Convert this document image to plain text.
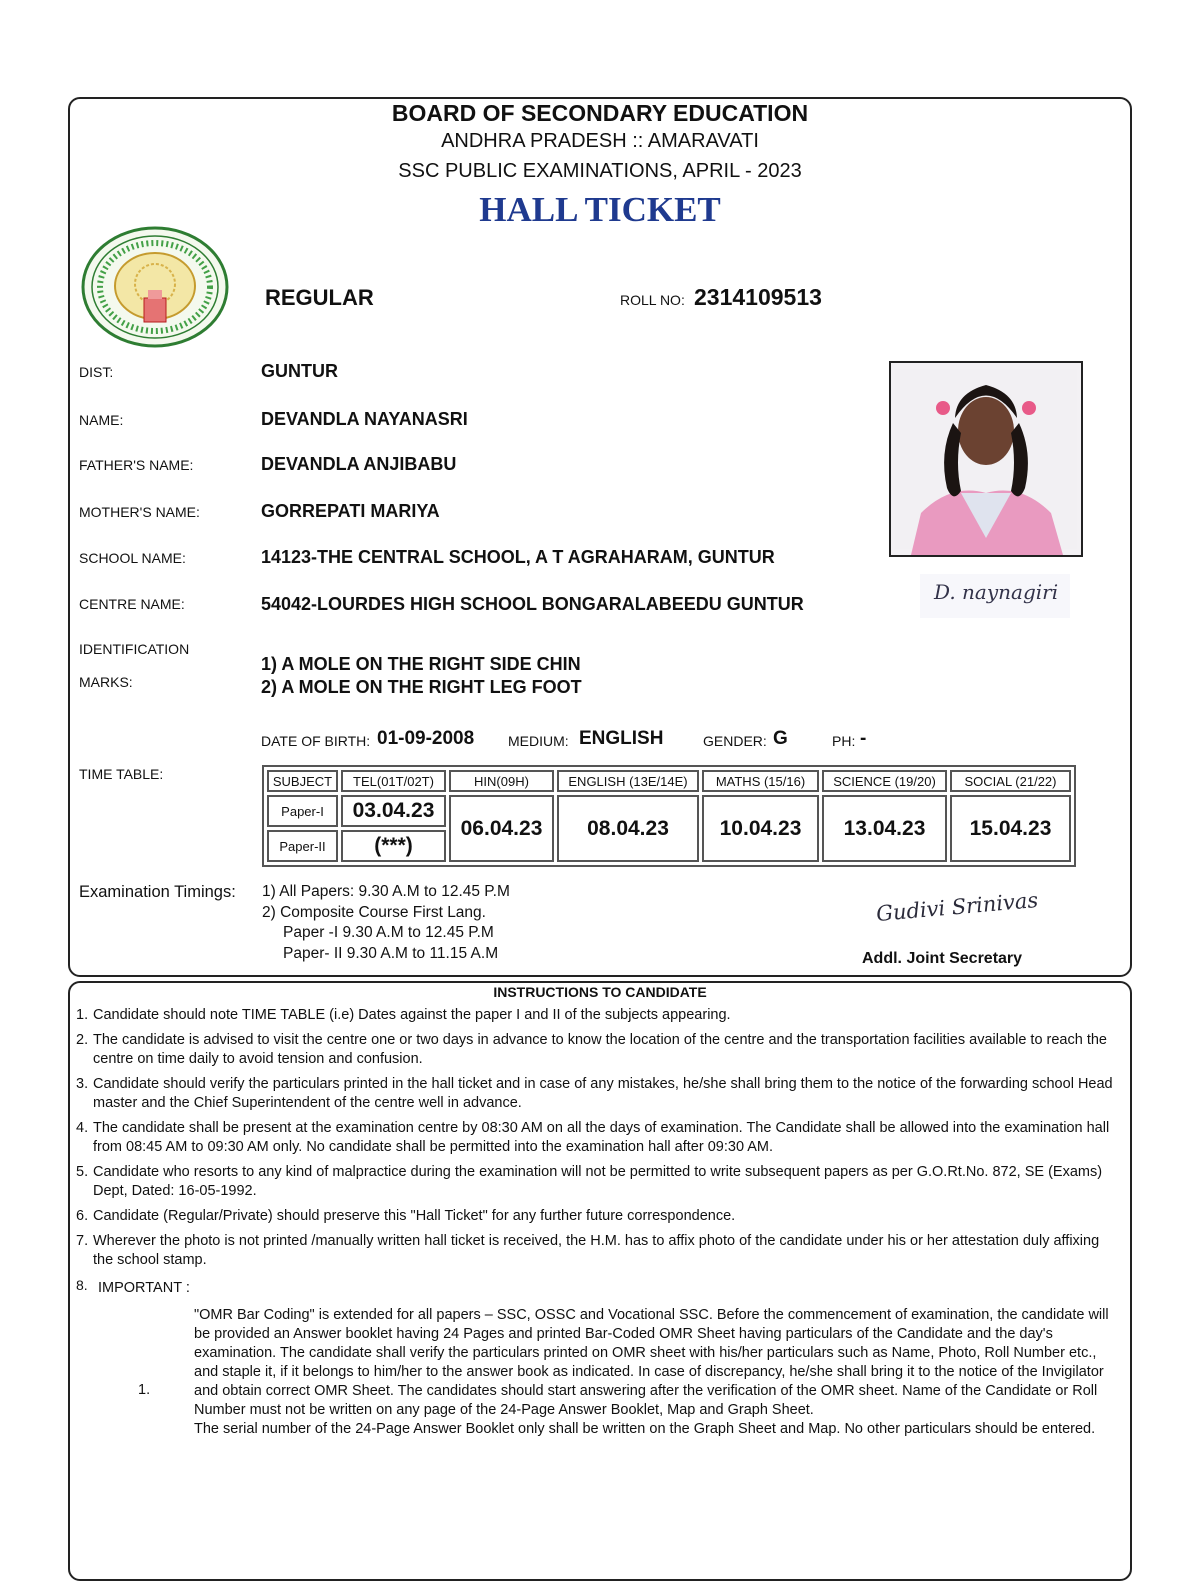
BOARD OF SECONDARY EDUCATION
ANDHRA PRADESH :: AMARAVATI
SSC PUBLIC EXAMINATIONS, APRIL - 2023
HALL TICKET
REGULAR	ROLL NO: 2314109513
DIST:	GUNTUR
NAME:	DEVANDLA NAYANASRI
FATHER'S NAME:	DEVANDLA ANJIBABU
MOTHER'S NAME:	GORREPATI MARIYA
SCHOOL NAME:	14123-THE CENTRAL SCHOOL, A T AGRAHARAM, GUNTUR
CENTRE NAME:	54042-LOURDES HIGH SCHOOL BONGARALABEEDU GUNTUR
IDENTIFICATION
MARKS:
1) A MOLE ON THE RIGHT SIDE CHIN
2) A MOLE ON THE RIGHT LEG FOOT
DATE OF BIRTH: 01-09-2008 MEDIUM: ENGLISH	GENDER: G	PH: -
D. naynagiri
TIME TABLE:	SUBJECT	TEL(01T/02T)	HIN(09H)	ENGLISH (13E/14E)	MATHS (15/16)	SCIENCE (19/20)	SOCIAL (21/22)
Paper-I	03.04.23	06.04.23	08.04.23	10.04.23	13.04.23	15.04.23
Paper-II	(***)					
Examination Timings: 1) All Papers: 9.30 A.M to 12.45 P.M
2) Composite Course First Lang.
Paper -I 9.30 A.M to 12.45 P.M
Paper- II 9.30 A.M to 11.15 A.M
Gudivi Srinivas
Addl. Joint Secretary
INSTRUCTIONS TO CANDIDATE
1. Candidate should note TIME TABLE (i.e) Dates against the paper I and II of the subjects appearing.
2. The candidate is advised to visit the centre one or two days in advance to know the location of the centre and the transportation facilities available to reach the centre on time daily to avoid tension and confusion.
3. Candidate should verify the particulars printed in the hall ticket and in case of any mistakes, he/she shall bring them to the notice of the forwarding school Head master and the Chief Superintendent of the centre well in advance.
4. The candidate shall be present at the examination centre by 08:30 AM on all the days of examination. The Candidate shall be allowed into the examination hall from 08:45 AM to 09:30 AM only. No candidate shall be permitted into the examination hall after 09:30 AM.
5. Candidate who resorts to any kind of malpractice during the examination will not be permitted to write subsequent papers as per G.O.Rt.No. 872, SE (Exams) Dept, Dated: 16-05-1992.
6. Candidate (Regular/Private) should preserve this "Hall Ticket" for any further future correspondence.
7. Wherever the photo is not printed /manually written hall ticket is received, the H.M. has to affix photo of the candidate under his or her attestation duly affixing the school stamp.
8. IMPORTANT :
1.
"OMR Bar Coding" is extended for all papers – SSC, OSSC and Vocational SSC. Before the commencement of examination, the candidate will be provided an Answer booklet having 24 Pages and printed Bar-Coded OMR Sheet having particulars of the Candidate and the day's examination. The candidate shall verify the particulars printed on OMR sheet with his/her particulars such as Name, Photo, Roll Number etc., and staple it, if it belongs to him/her to the answer book as indicated. In case of discrepancy, he/she shall bring it to the notice of the Invigilator and obtain correct OMR Sheet. The candidates should start answering after the verification of the OMR sheet. Name of the Candidate or Roll Number must not be written on any page of the 24-Page Answer Booklet, Map and Graph Sheet.
The serial number of the 24-Page Answer Booklet only shall be written on the Graph Sheet and Map. No other particulars should be entered.
